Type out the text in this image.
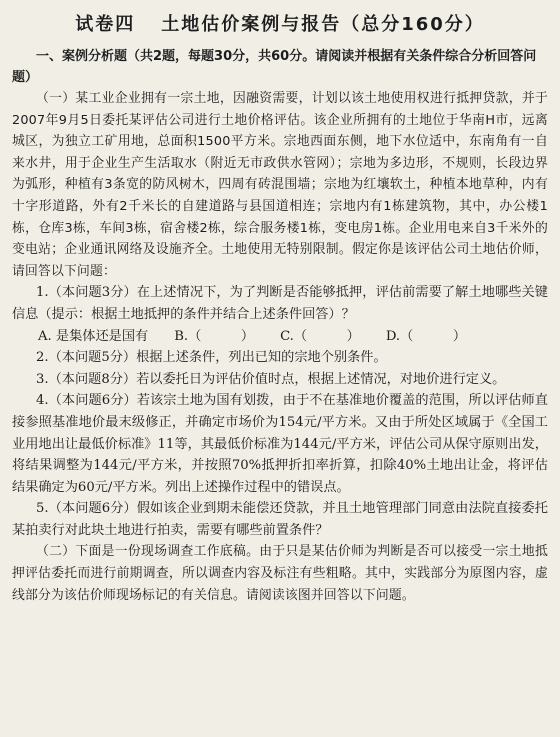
试卷四 土地估价案例与报告（总分160分）

一、案例分析题（共2题，每题30分，共60分。请阅读并根据有关条件综合分析回答问题）

（一）某工业企业拥有一宗土地，因融资需要，计划以该土地使用权进行抵押贷款，并于2007年9月5日委托某评估公司进行土地价格评估。该企业所拥有的土地位于华南H市，远离城区，为独立工矿用地，总面积1500平方米。宗地西面东侧，地下水位适中，东南角有一自来水井，用于企业生产生活取水（附近无市政供水管网）；宗地为多边形，不规则，长段边界为弧形，种植有3条宽的防风树木，四周有砖混围墙；宗地为红壤软土，种植本地草种，内有十字形道路，外有2千米长的自建道路与县国道相连；宗地内有1栋建筑物，其中，办公楼1栋，仓库3栋，车间3栋，宿舍楼2栋，综合服务楼1栋，变电房1栋。企业用电来自3千米外的变电站；企业通讯网络及设施齐全。土地使用无特别限制。假定你是该评估公司土地估价师，请回答以下问题：

1.（本问题3分）在上述情况下，为了判断是否能够抵押，评估前需要了解土地哪些关键信息（提示：根据土地抵押的条件并结合上述条件回答）？

A. 是集体还是国有 B.（　　　） C.（　　　） D.（　　　）

2.（本问题5分）根据上述条件，列出已知的宗地个别条件。

3.（本问题8分）若以委托日为评估价值时点，根据上述情况，对地价进行定义。

4.（本问题6分）若该宗土地为国有划拨，由于不在基准地价覆盖的范围，所以评估师直接参照基准地价最末级修正，并确定市场价为154元/平方米。又由于所处区域属于《全国工业用地出让最低价标准》11等，其最低价标准为144元/平方米，评估公司从保守原则出发，将结果调整为144元/平方米，并按照70%抵押折扣率折算，扣除40%土地出让金，将评估结果确定为60元/平方米。列出上述操作过程中的错误点。

5.（本问题6分）假如该企业到期未能偿还贷款，并且土地管理部门同意由法院直接委托某拍卖行对此块土地进行拍卖，需要有哪些前置条件？

（二）下面是一份现场调查工作底稿。由于只是某估价师为判断是否可以接受一宗土地抵押评估委托而进行前期调查，所以调查内容及标注有些粗略。其中，实践部分为原图内容，虚线部分为该估价师现场标记的有关信息。请阅读该图并回答以下问题。
